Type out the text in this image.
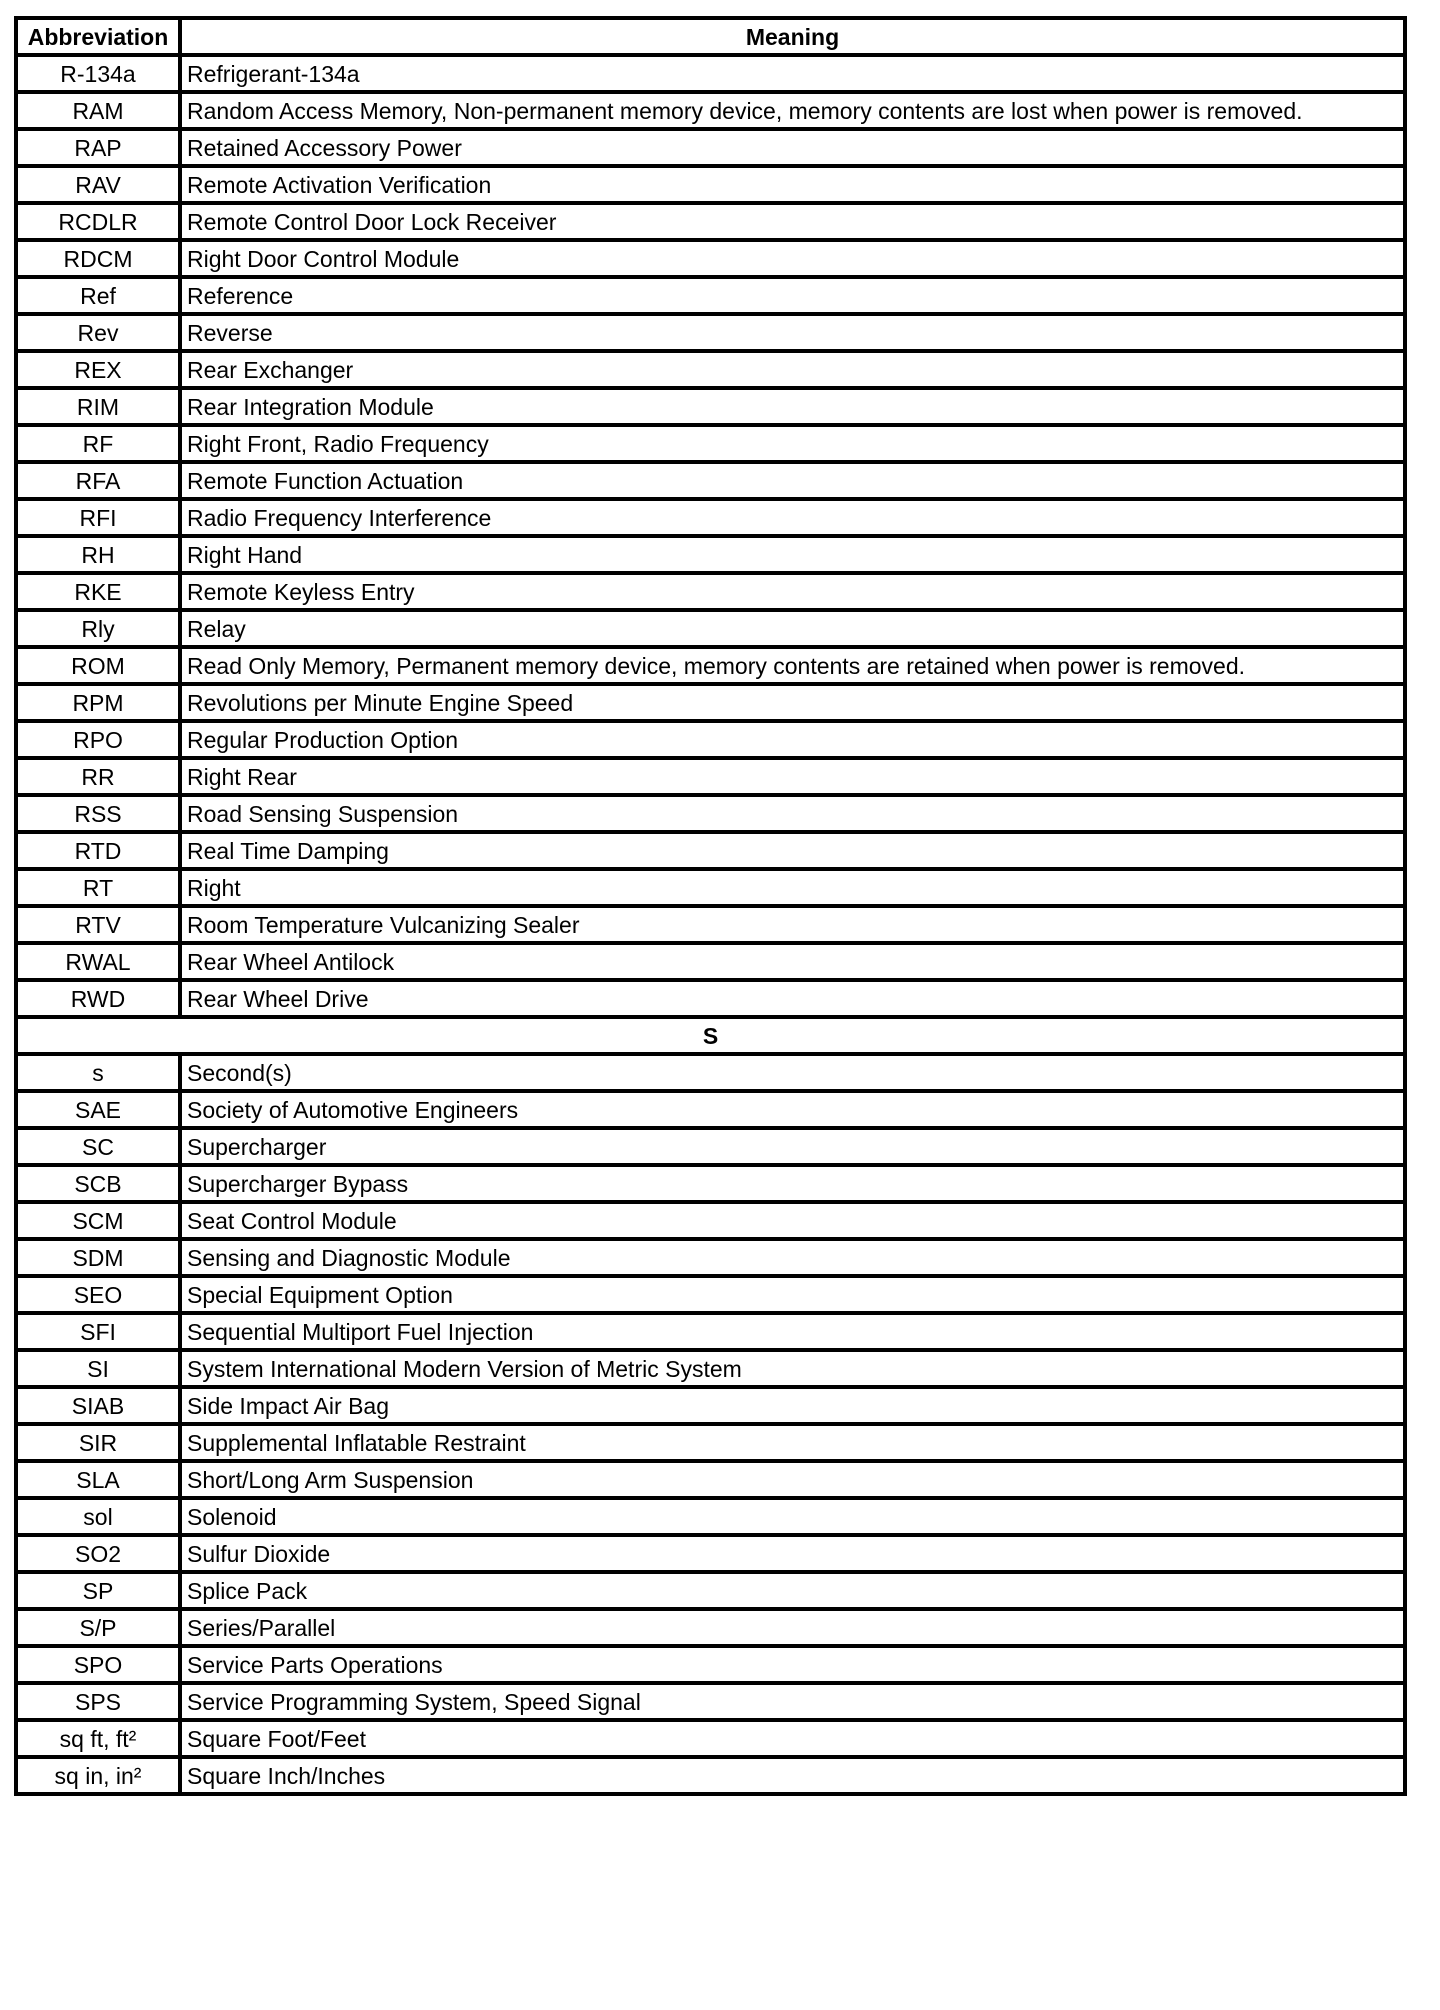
Abbreviation	Meaning
R-134a	Refrigerant-134a
RAM	Random Access Memory, Non-permanent memory device, memory contents are lost when power is removed.
RAP	Retained Accessory Power
RAV	Remote Activation Verification
RCDLR	Remote Control Door Lock Receiver
RDCM	Right Door Control Module
Ref	Reference
Rev	Reverse
REX	Rear Exchanger
RIM	Rear Integration Module
RF	Right Front, Radio Frequency
RFA	Remote Function Actuation
RFI	Radio Frequency Interference
RH	Right Hand
RKE	Remote Keyless Entry
Rly	Relay
ROM	Read Only Memory, Permanent memory device, memory contents are retained when power is removed.
RPM	Revolutions per Minute Engine Speed
RPO	Regular Production Option
RR	Right Rear
RSS	Road Sensing Suspension
RTD	Real Time Damping
RT	Right
RTV	Room Temperature Vulcanizing Sealer
RWAL	Rear Wheel Antilock
RWD	Rear Wheel Drive
S	
s	Second(s)
SAE	Society of Automotive Engineers
SC	Supercharger
SCB	Supercharger Bypass
SCM	Seat Control Module
SDM	Sensing and Diagnostic Module
SEO	Special Equipment Option
SFI	Sequential Multiport Fuel Injection
SI	System International Modern Version of Metric System
SIAB	Side Impact Air Bag
SIR	Supplemental Inflatable Restraint
SLA	Short/Long Arm Suspension
sol	Solenoid
SO2	Sulfur Dioxide
SP	Splice Pack
S/P	Series/Parallel
SPO	Service Parts Operations
SPS	Service Programming System, Speed Signal
sq ft, ft²	Square Foot/Feet
sq in, in²	Square Inch/Inches
